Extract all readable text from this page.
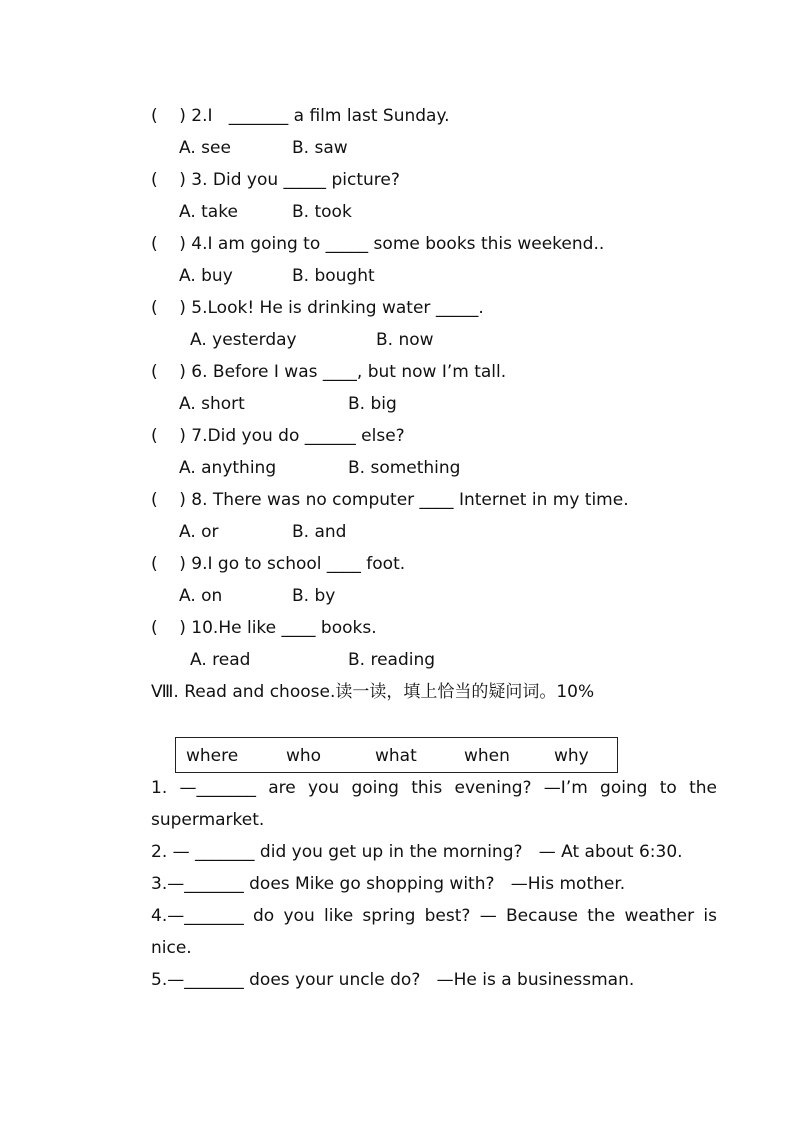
(    ) 2.I   _______ a film last Sunday.

A. see

	B. saw

(    ) 3. Did you _____ picture?

A. take

	B. took

(    ) 4.I am going to _____ some books this weekend..

A. buy

	B. bought

(    ) 5.Look! He is drinking water _____.

A. yesterday

	B. now

(    ) 6. Before I was ____, but now I’m tall.

A. short

	B. big

(    ) 7.Did you do ______ else?

A. anything

	B. something

(    ) 8. There was no computer ____ Internet in my time.

A. or

	B. and

(    ) 9.I go to school ____ foot.

A. on

	B. by

(    ) 10.He like ____ books.

A. read

	B. reading

Ⅷ. Read and choose.读一读，填上恰当的疑问词。10%
where	who	what	when	why
1. —_______ are you going this evening? —I’m going to the
supermarket.
2. — _______ did you get up in the morning?   — At about 6:30.
3.—_______ does Mike go shopping with?   —His mother.
4.—_______ do you like spring best? — Because the weather is
nice.
5.—_______ does your uncle do?   —He is a businessman.
